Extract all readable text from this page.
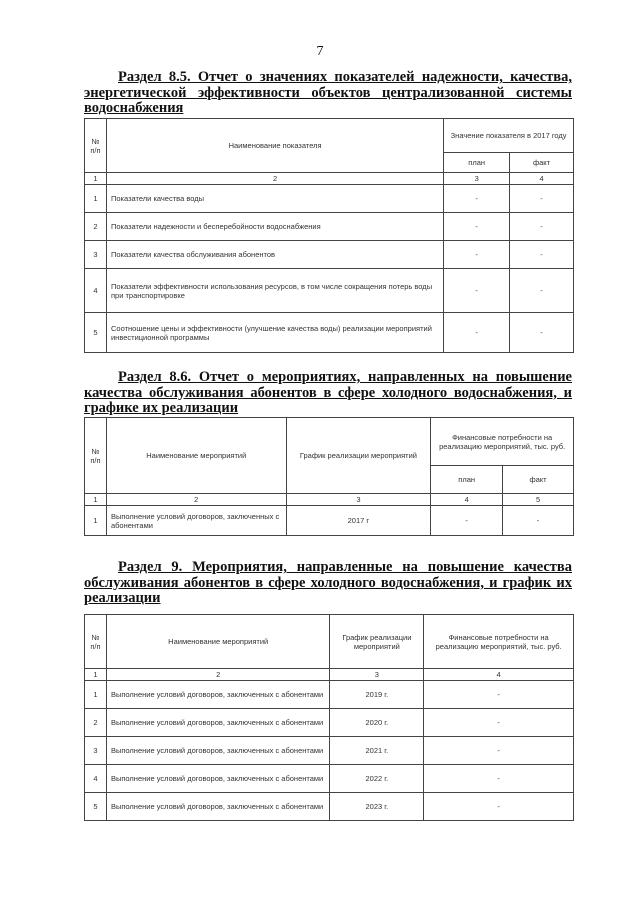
7
Раздел 8.5. Отчет о значениях показателей надежности, качества, энергетической эффективности объектов централизованной системы водоснабжения
№ п/п	Наименование показателя	Значение показателя в 2017 году	
		план	факт
1	2	3	4
1	Показатели качества воды	-	-
2	Показатели надежности и бесперебойности водоснабжения	-	-
3	Показатели качества обслуживания абонентов	-	-
4	Показатели эффективности использования ресурсов, в том числе сокращения потерь воды при транспортировке	-	-
5	Соотношение цены и эффективности (улучшение качества воды) реализации мероприятий инвестиционной программы	-	-
Раздел 8.6. Отчет о мероприятиях, направленных на повышение качества обслуживания абонентов в сфере холодного водоснабжения, и графике их реализации
№ п/п	Наименование мероприятий	График реализации мероприятий	Финансовые потребности на реализацию мероприятий, тыс. руб.	
			план	факт
1	2	3	4	5
1	Выполнение условий договоров, заключенных с абонентами	2017 г	-	-
Раздел 9. Мероприятия, направленные на повышение качества обслуживания абонентов в сфере холодного водоснабжения, и график их реализации
№ п/п	Наименование мероприятий	График реализации мероприятий	Финансовые потребности на реализацию мероприятий, тыс. руб.
1	2	3	4
1	Выполнение условий договоров, заключенных с абонентами	2019 г.	-
2	Выполнение условий договоров, заключенных с абонентами	2020 г.	-
3	Выполнение условий договоров, заключенных с абонентами	2021 г.	-
4	Выполнение условий договоров, заключенных с абонентами	2022 г.	-
5	Выполнение условий договоров, заключенных с абонентами	2023 г.	-
